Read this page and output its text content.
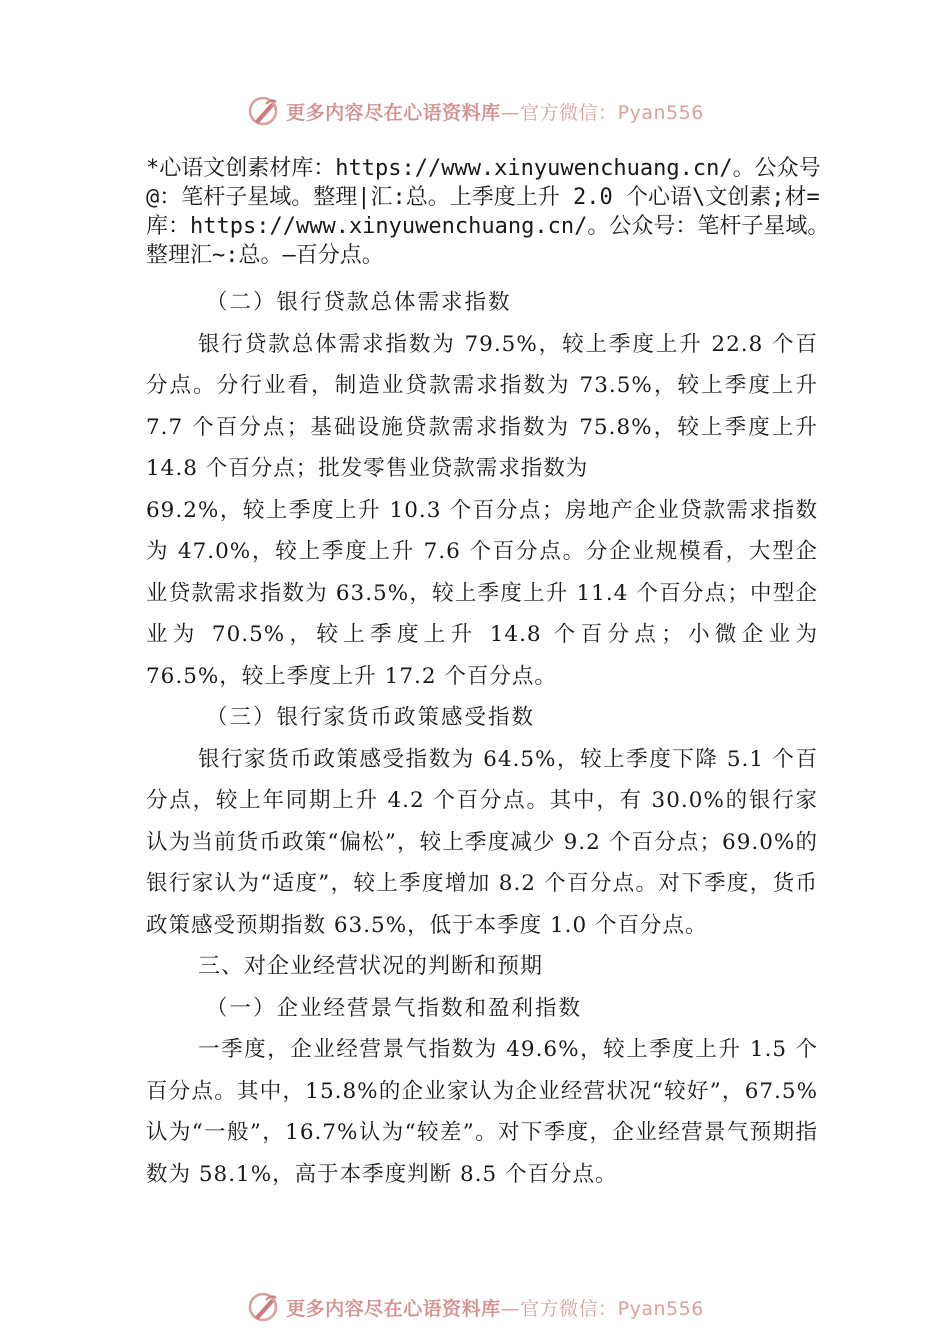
更多内容尽在心语资料库—官方微信：Pyan556
*心语文创素材库：https://www.xinyuwenchuang.cn/。公众号@：笔杆子星域。整理|汇:总。上季度上升 2.0 个心语\文创素;材=库：https://www.xinyuwenchuang.cn/。公众号：笔杆子星域。整理汇~:总。—百分点。

（二）银行贷款总体需求指数

银行贷款总体需求指数为 79.5%，较上季度上升 22.8 个百分点。分行业看，制造业贷款需求指数为 73.5%，较上季度上升 7.7 个百分点；基础设施贷款需求指数为 75.8%，较上季度上升 14.8 个百分点；批发零售业贷款需求指数为

69.2%，较上季度上升 10.3 个百分点；房地产企业贷款需求指数为 47.0%，较上季度上升 7.6 个百分点。分企业规模看，大型企业贷款需求指数为 63.5%，较上季度上升 11.4 个百分点；中型企业为 70.5%，较上季度上升 14.8 个百分点；小微企业为 76.5%，较上季度上升 17.2 个百分点。

（三）银行家货币政策感受指数

银行家货币政策感受指数为 64.5%，较上季度下降 5.1 个百分点，较上年同期上升 4.2 个百分点。其中，有 30.0%的银行家认为当前货币政策“偏松”，较上季度减少 9.2 个百分点；69.0%的银行家认为“适度”，较上季度增加 8.2 个百分点。对下季度，货币政策感受预期指数 63.5%，低于本季度 1.0 个百分点。

三、对企业经营状况的判断和预期

（一）企业经营景气指数和盈利指数

一季度，企业经营景气指数为 49.6%，较上季度上升 1.5 个百分点。其中，15.8%的企业家认为企业经营状况“较好”，67.5%认为“一般”，16.7%认为“较差”。对下季度，企业经营景气预期指数为 58.1%，高于本季度判断 8.5 个百分点。

更多内容尽在心语资料库—官方微信：Pyan556
